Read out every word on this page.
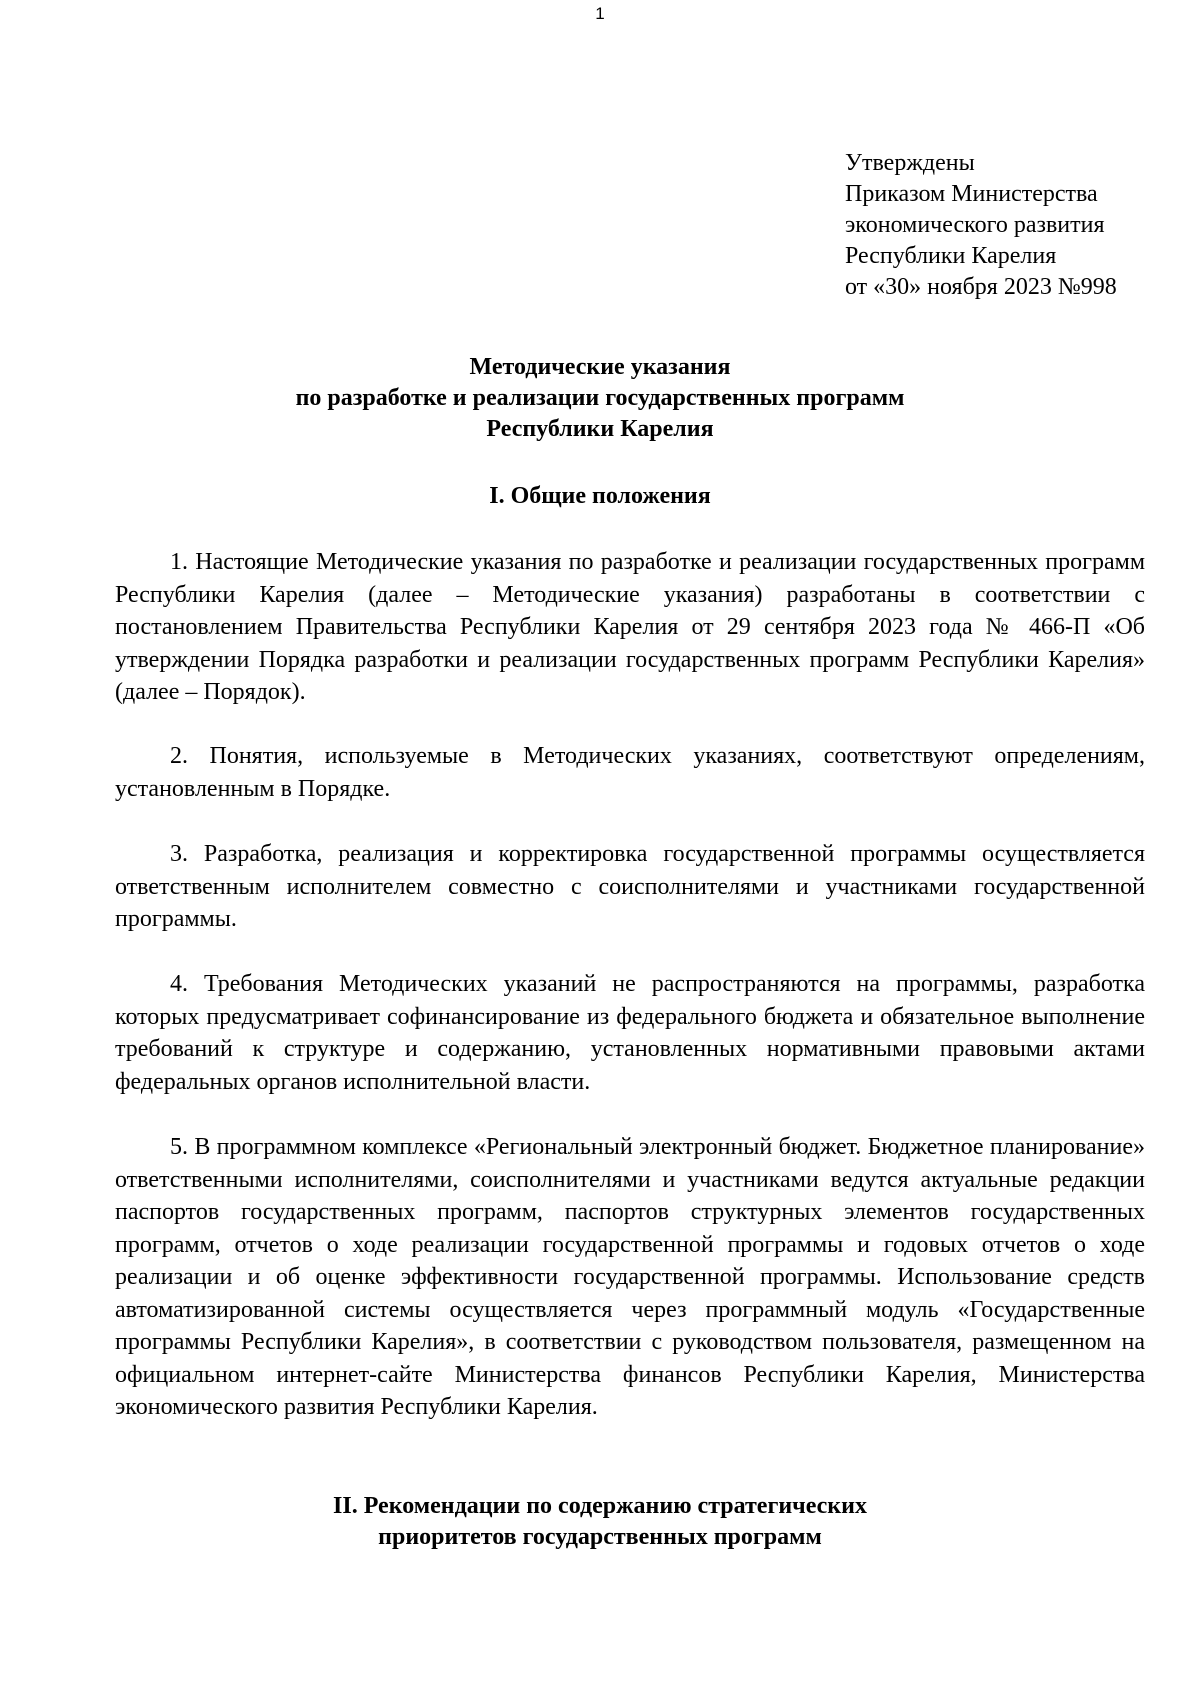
1
Утверждены
Приказом Министерства
экономического развития
Республики Карелия
от «30» ноября 2023 №998
Методические указания
по разработке и реализации государственных программ
Республики Карелия
I. Общие положения

1. Настоящие Методические указания по разработке и реализации государственных программ Республики Карелия (далее – Методические указания) разработаны в соответствии с постановлением Правительства Республики Карелия от 29 сентября 2023 года № 466-П «Об утверждении Порядка разработки и реализации государственных программ Республики Карелия» (далее – Порядок).

2. Понятия, используемые в Методических указаниях, соответствуют определениям, установленным в Порядке.

3. Разработка, реализация и корректировка государственной программы осуществляется ответственным исполнителем совместно с соисполнителями и участниками государственной программы.

4. Требования Методических указаний не распространяются на программы, разработка которых предусматривает софинансирование из федерального бюджета и обязательное выполнение требований к структуре и содержанию, установленных нормативными правовыми актами федеральных органов исполнительной власти.

5. В программном комплексе «Региональный электронный бюджет. Бюджетное планирование» ответственными исполнителями, соисполнителями и участниками ведутся актуальные редакции паспортов государственных программ, паспортов структурных элементов государственных программ, отчетов о ходе реализации государственной программы и годовых отчетов о ходе реализации и об оценке эффективности государственной программы. Использование средств автоматизированной системы осуществляется через программный модуль «Государственные программы Республики Карелия», в соответствии с руководством пользователя, размещенном на официальном интернет-сайте Министерства финансов Республики Карелия, Министерства экономического развития Республики Карелия.

II. Рекомендации по содержанию стратегических
приоритетов государственных программ
